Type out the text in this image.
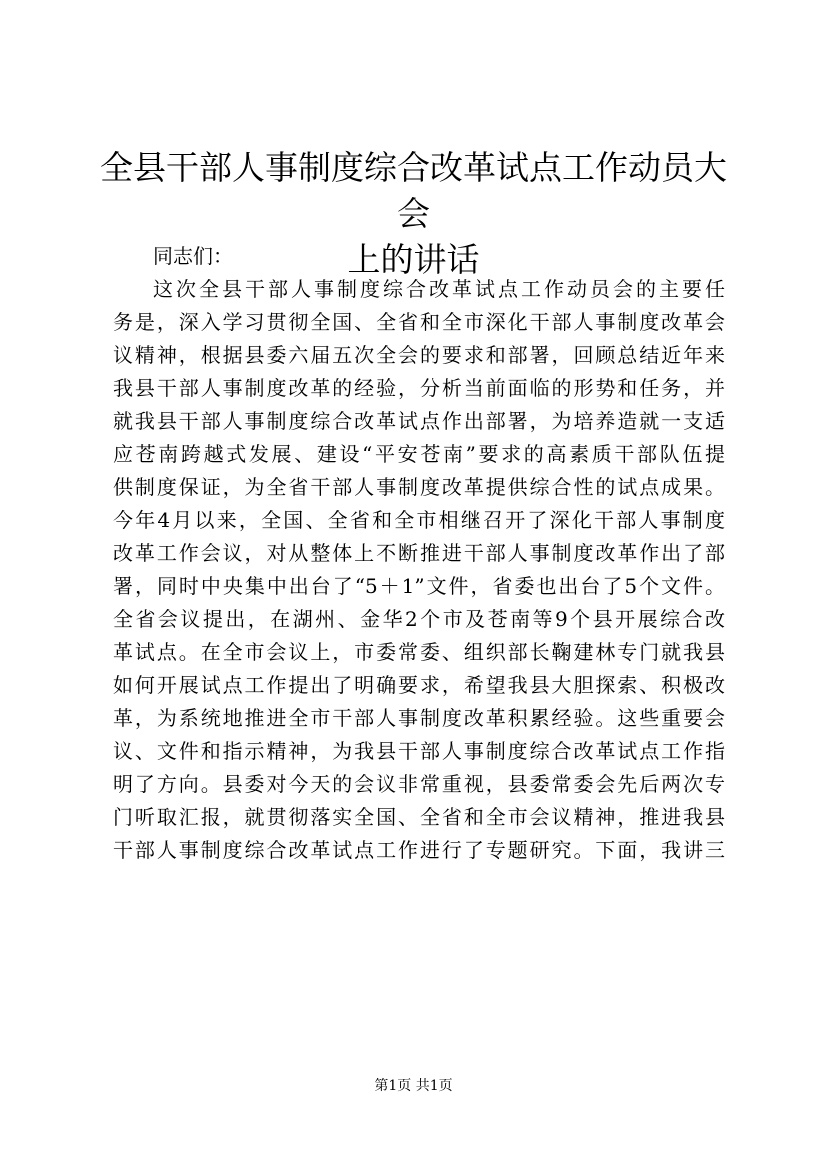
全县干部人事制度综合改革试点工作动员大会
上的讲话
同志们：
这次全县干部人事制度综合改革试点工作动员会的主要任
务是，深入学习贯彻全国、全省和全市深化干部人事制度改革会
议精神，根据县委六届五次全会的要求和部署，回顾总结近年来
我县干部人事制度改革的经验，分析当前面临的形势和任务，并
就我县干部人事制度综合改革试点作出部署，为培养造就一支适
应苍南跨越式发展、建设“平安苍南”要求的高素质干部队伍提
供制度保证，为全省干部人事制度改革提供综合性的试点成果。
今年4月以来，全国、全省和全市相继召开了深化干部人事制度
改革工作会议，对从整体上不断推进干部人事制度改革作出了部
署，同时中央集中出台了“5＋1”文件，省委也出台了5个文件。
全省会议提出，在湖州、金华2个市及苍南等9个县开展综合改
革试点。在全市会议上，市委常委、组织部长鞠建林专门就我县
如何开展试点工作提出了明确要求，希望我县大胆探索、积极改
革，为系统地推进全市干部人事制度改革积累经验。这些重要会
议、文件和指示精神，为我县干部人事制度综合改革试点工作指
明了方向。县委对今天的会议非常重视，县委常委会先后两次专
门听取汇报，就贯彻落实全国、全省和全市会议精神，推进我县
干部人事制度综合改革试点工作进行了专题研究。下面，我讲三
第1页 共1页
